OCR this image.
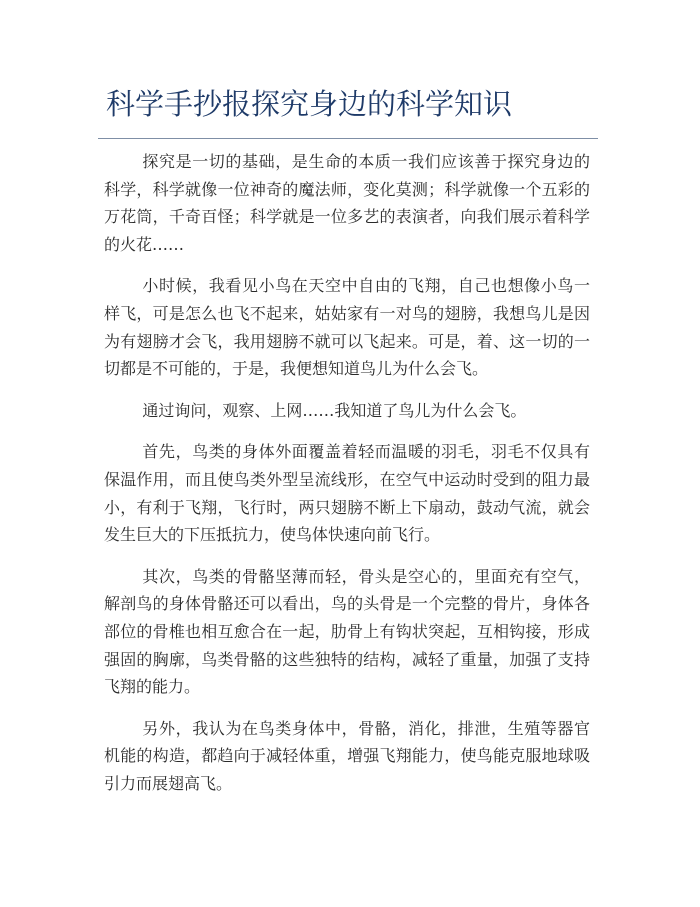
科学手抄报探究身边的科学知识

探究是一切的基础，是生命的本质一我们应该善于探究身边的科学，科学就像一位神奇的魔法师，变化莫测；科学就像一个五彩的万花筒，千奇百怪；科学就是一位多艺的表演者，向我们展示着科学的火花……

小时候，我看见小鸟在天空中自由的飞翔，自己也想像小鸟一样飞，可是怎么也飞不起来，姑姑家有一对鸟的翅膀，我想鸟儿是因为有翅膀才会飞，我用翅膀不就可以飞起来。可是，着、这一切的一切都是不可能的，于是，我便想知道鸟儿为什么会飞。

通过询问，观察、上网……我知道了鸟儿为什么会飞。

首先，鸟类的身体外面覆盖着轻而温暖的羽毛，羽毛不仅具有保温作用，而且使鸟类外型呈流线形，在空气中运动时受到的阻力最小，有利于飞翔，飞行时，两只翅膀不断上下扇动，鼓动气流，就会发生巨大的下压抵抗力，使鸟体快速向前飞行。

其次，鸟类的骨骼坚薄而轻，骨头是空心的，里面充有空气，解剖鸟的身体骨骼还可以看出，鸟的头骨是一个完整的骨片，身体各部位的骨椎也相互愈合在一起，肋骨上有钩状突起，互相钩接，形成强固的胸廓，鸟类骨骼的这些独特的结构，减轻了重量，加强了支持飞翔的能力。

另外，我认为在鸟类身体中，骨骼，消化，排泄，生殖等器官机能的构造，都趋向于减轻体重，增强飞翔能力，使鸟能克服地球吸引力而展翅高飞。
